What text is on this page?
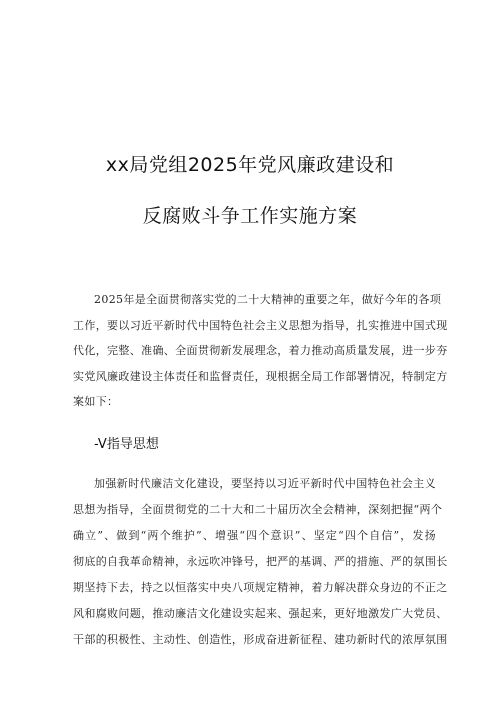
xx局党组2025年党风廉政建设和
反腐败斗争工作实施方案
2025年是全面贯彻落实党的二十大精神的重要之年，做好今年的各项
工作，要以习近平新时代中国特色社会主义思想为指导，扎实推进中国式现
代化，完整、准确、全面贯彻新发展理念，着力推动高质量发展，进一步夯
实党风廉政建设主体责任和监督责任，现根据全局工作部署情况，特制定方
案如下：
-V指导思想
加强新时代廉洁文化建设，要坚持以习近平新时代中国特色社会主义
思想为指导，全面贯彻党的二十大和二十届历次全会精神，深刻把握“两个
确立”、做到“两个维护”、增强“四个意识”、坚定“四个自信”，发扬
彻底的自我革命精神，永远吹冲锋号，把严的基调、严的措施、严的氛围长
期坚持下去，持之以恒落实中央八项规定精神，着力解决群众身边的不正之
风和腐败问题，推动廉洁文化建设实起来、强起来，更好地激发广大党员、
干部的积极性、主动性、创造性，形成奋进新征程、建功新时代的浓厚氛围
